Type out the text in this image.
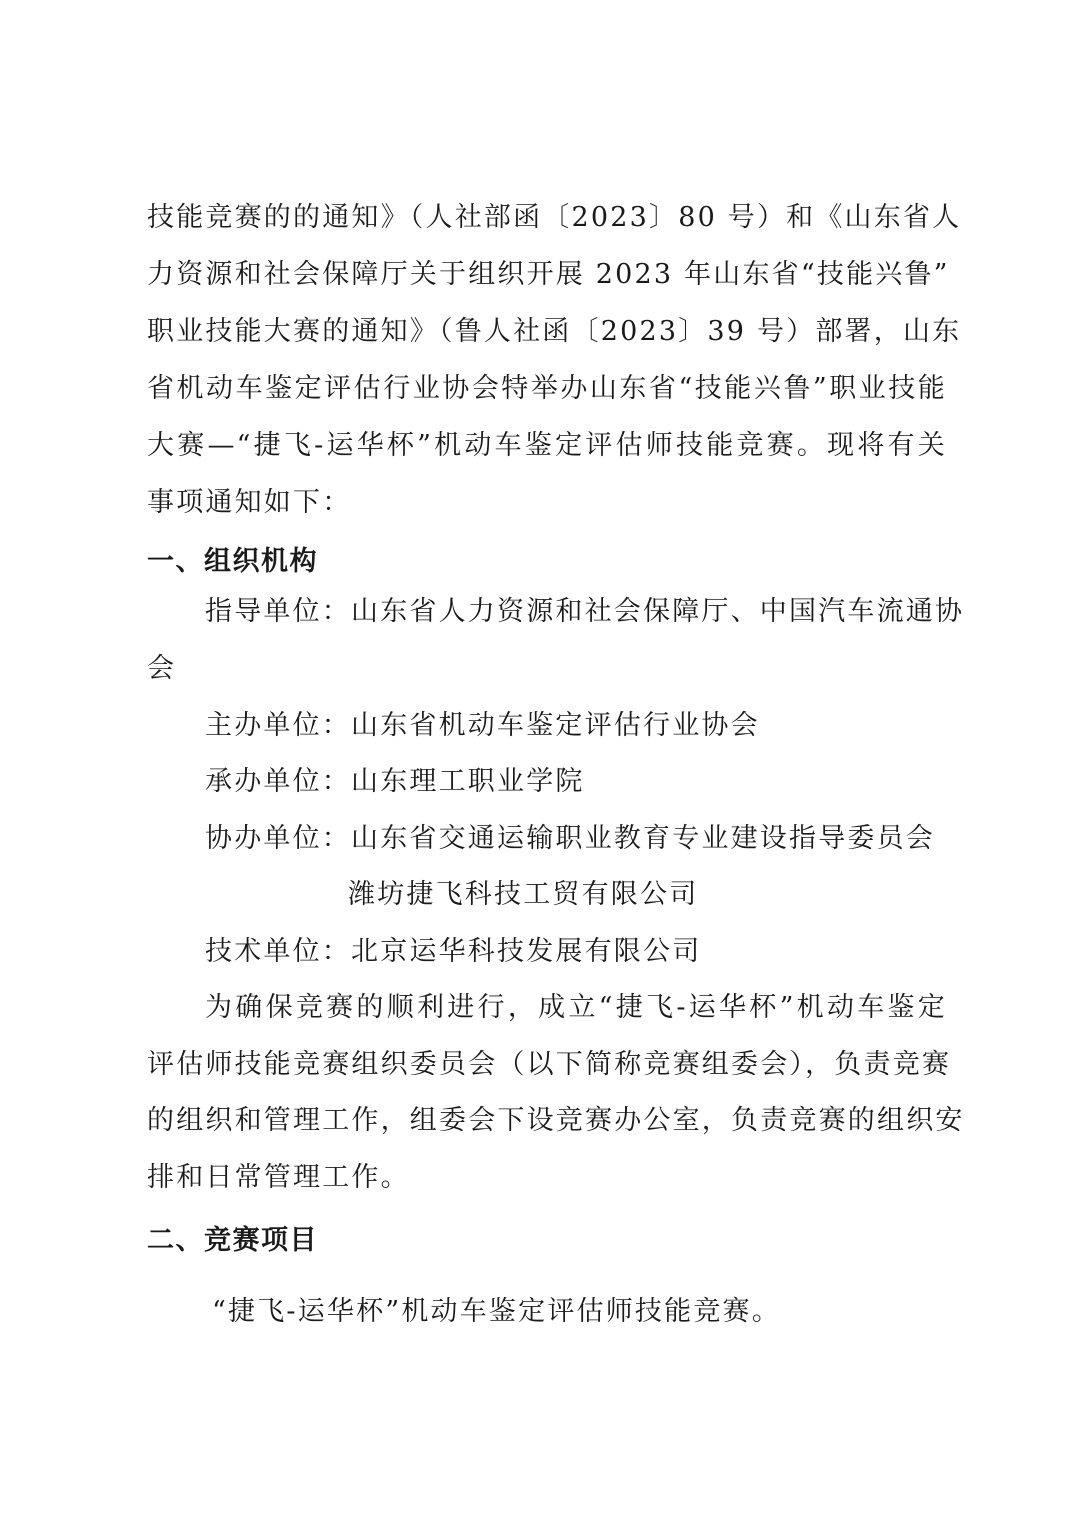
技能竞赛的的通知》（人社部函〔2023〕80 号）和《山东省人
力资源和社会保障厅关于组织开展 2023 年山东省“技能兴鲁”
职业技能大赛的通知》（鲁人社函〔2023〕39 号）部署，山东
省机动车鉴定评估行业协会特举办山东省“技能兴鲁”职业技能
大赛—“捷飞-运华杯”机动车鉴定评估师技能竞赛。现将有关
事项通知如下：
一、组织机构
指导单位：山东省人力资源和社会保障厅、中国汽车流通协
会
主办单位：山东省机动车鉴定评估行业协会
承办单位：山东理工职业学院
协办单位：山东省交通运输职业教育专业建设指导委员会
潍坊捷飞科技工贸有限公司
技术单位：北京运华科技发展有限公司
为确保竞赛的顺利进行，成立“捷飞-运华杯”机动车鉴定
评估师技能竞赛组织委员会（以下简称竞赛组委会），负责竞赛
的组织和管理工作，组委会下设竞赛办公室，负责竞赛的组织安
排和日常管理工作。
二、竞赛项目
“捷飞-运华杯”机动车鉴定评估师技能竞赛。
